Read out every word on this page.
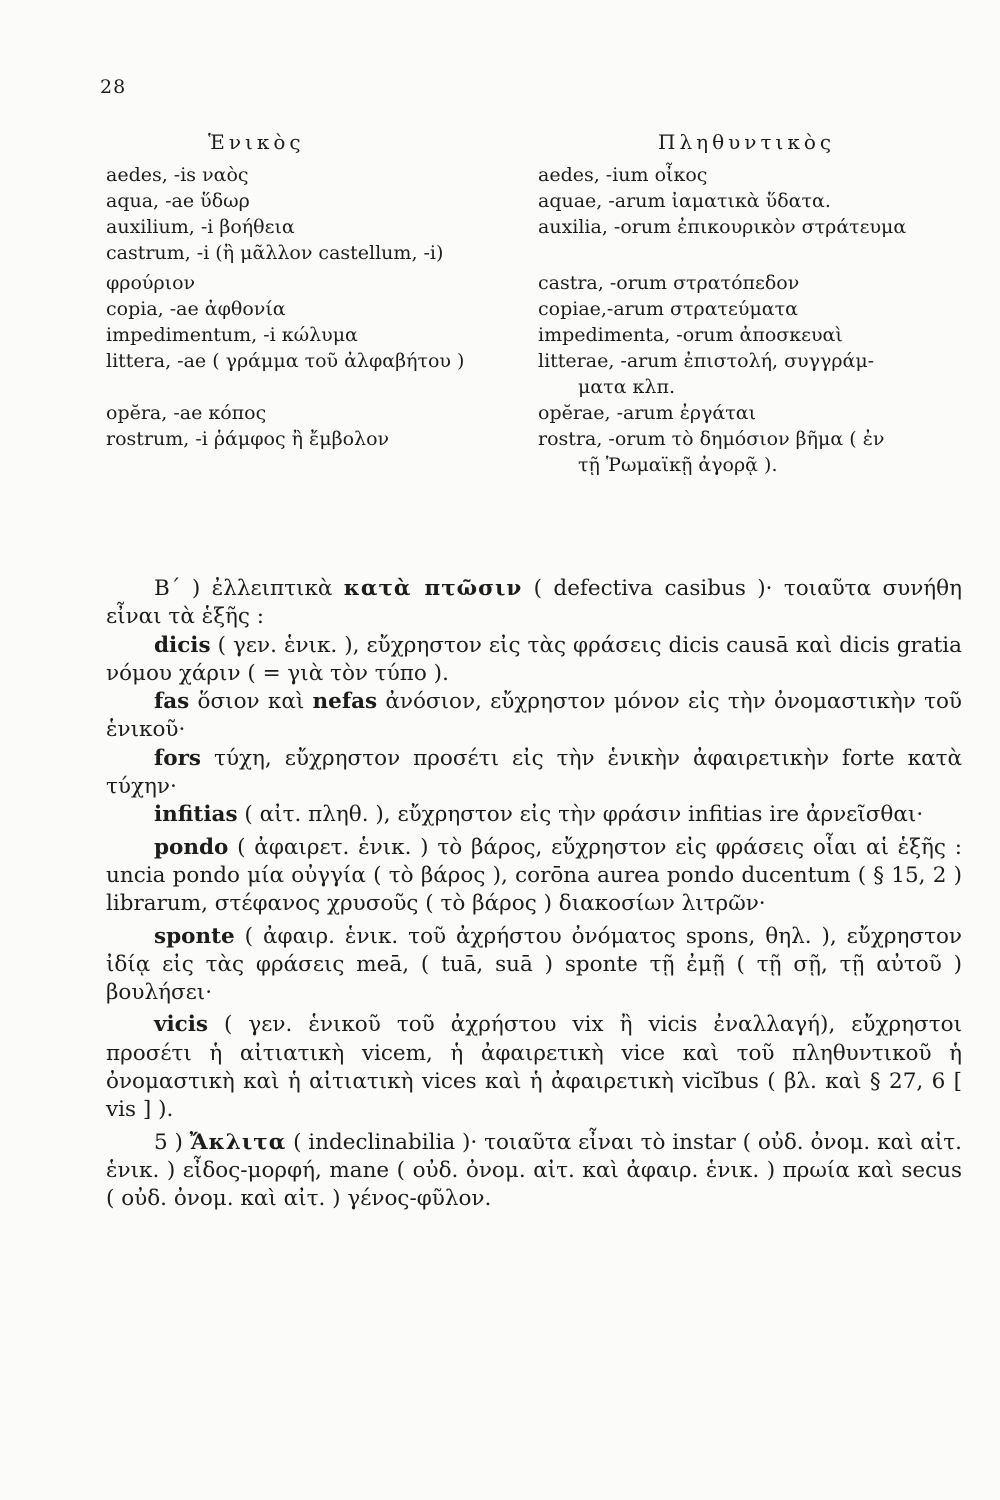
28
Ἑνικὸς	Πληθυντικὸς
aedes, -is ναὸς	aedes, -ium οἶκος
aqua, -ae ὕδωρ	aquae, -arum ἰαματικὰ ὕδατα.
auxilium, -i βοήθεια	auxilia, -orum ἐπικουρικὸν στράτευμα
castrum, -i (ἢ μᾶλλον castellum, -i)
φρούριον	castra, -orum στρατόπεδον
copia, -ae ἀφθονία	copiae,-arum στρατεύματα
impedimentum, -i κώλυμα	impedimenta, -orum ἀποσκευαὶ
littera, -ae ( γράμμα τοῦ ἀλφαβήτου )	litterae, -arum ἐπιστολή, συγγράμ-
ματα κλπ.
opĕra, -ae κόπος	opĕrae, -arum ἐργάται
rostrum, -i ῥάμφος ἢ ἔμβολον	rostra, -orum τὸ δημόσιον βῆμα ( ἐν
τῇ Ῥωμαϊκῇ ἀγορᾷ ).

Β΄ ) ἐλλειπτικὰ κατὰ πτῶσιν ( defectiva casibus )· τοιαῦτα συνήθη εἶναι τὰ ἑξῆς :

dicis ( γεν. ἑνικ. ), εὔχρηστον εἰς τὰς φράσεις dicis causā καὶ dicis gratia νόμου χάριν ( = γιὰ τὸν τύπο ).

fas ὅσιον καὶ nefas ἀνόσιον, εὔχρηστον μόνον εἰς τὴν ὀνομαστικὴν τοῦ ἑνικοῦ·

fors τύχη, εὔχρηστον προσέτι εἰς τὴν ἑνικὴν ἀφαιρετικὴν forte κατὰ τύχην·

infitias ( αἰτ. πληθ. ), εὔχρηστον εἰς τὴν φράσιν infitias ire ἀρνεῖσθαι·

pondo ( ἀφαιρετ. ἑνικ. ) τὸ βάρος, εὔχρηστον εἰς φράσεις οἷαι αἱ ἑξῆς : uncia pondo μία οὐγγία ( τὸ βάρος ), corōna aurea pondo ducentum ( § 15, 2 ) librarum, στέφανος χρυσοῦς ( τὸ βάρος ) διακοσίων λιτρῶν·

sponte ( ἀφαιρ. ἑνικ. τοῦ ἀχρήστου ὀνόματος spons, θηλ. ), εὔχρηστον ἰδίᾳ εἰς τὰς φράσεις meā, ( tuā, suā ) sponte τῇ ἐμῇ ( τῇ σῇ, τῇ αὐτοῦ ) βουλήσει·

vicis ( γεν. ἑνικοῦ τοῦ ἀχρήστου vix ἢ vicis ἐναλλαγή), εὔχρηστοι προσέτι ἡ αἰτιατικὴ vicem, ἡ ἀφαιρετικὴ vice καὶ τοῦ πληθυντικοῦ ἡ ὀνομαστικὴ καὶ ἡ αἰτιατικὴ vices καὶ ἡ ἀφαιρετικὴ vicĭbus ( βλ. καὶ § 27, 6 [ vis ] ).

5 ) Ἄκλιτα ( indeclinabilia )· τοιαῦτα εἶναι τὸ instar ( οὐδ. ὀνομ. καὶ αἰτ. ἑνικ. ) εἶδος-μορφή, mane ( οὐδ. ὀνομ. αἰτ. καὶ ἀφαιρ. ἑνικ. ) πρωία καὶ secus ( οὐδ. ὀνομ. καὶ αἰτ. ) γένος-φῦλον.
